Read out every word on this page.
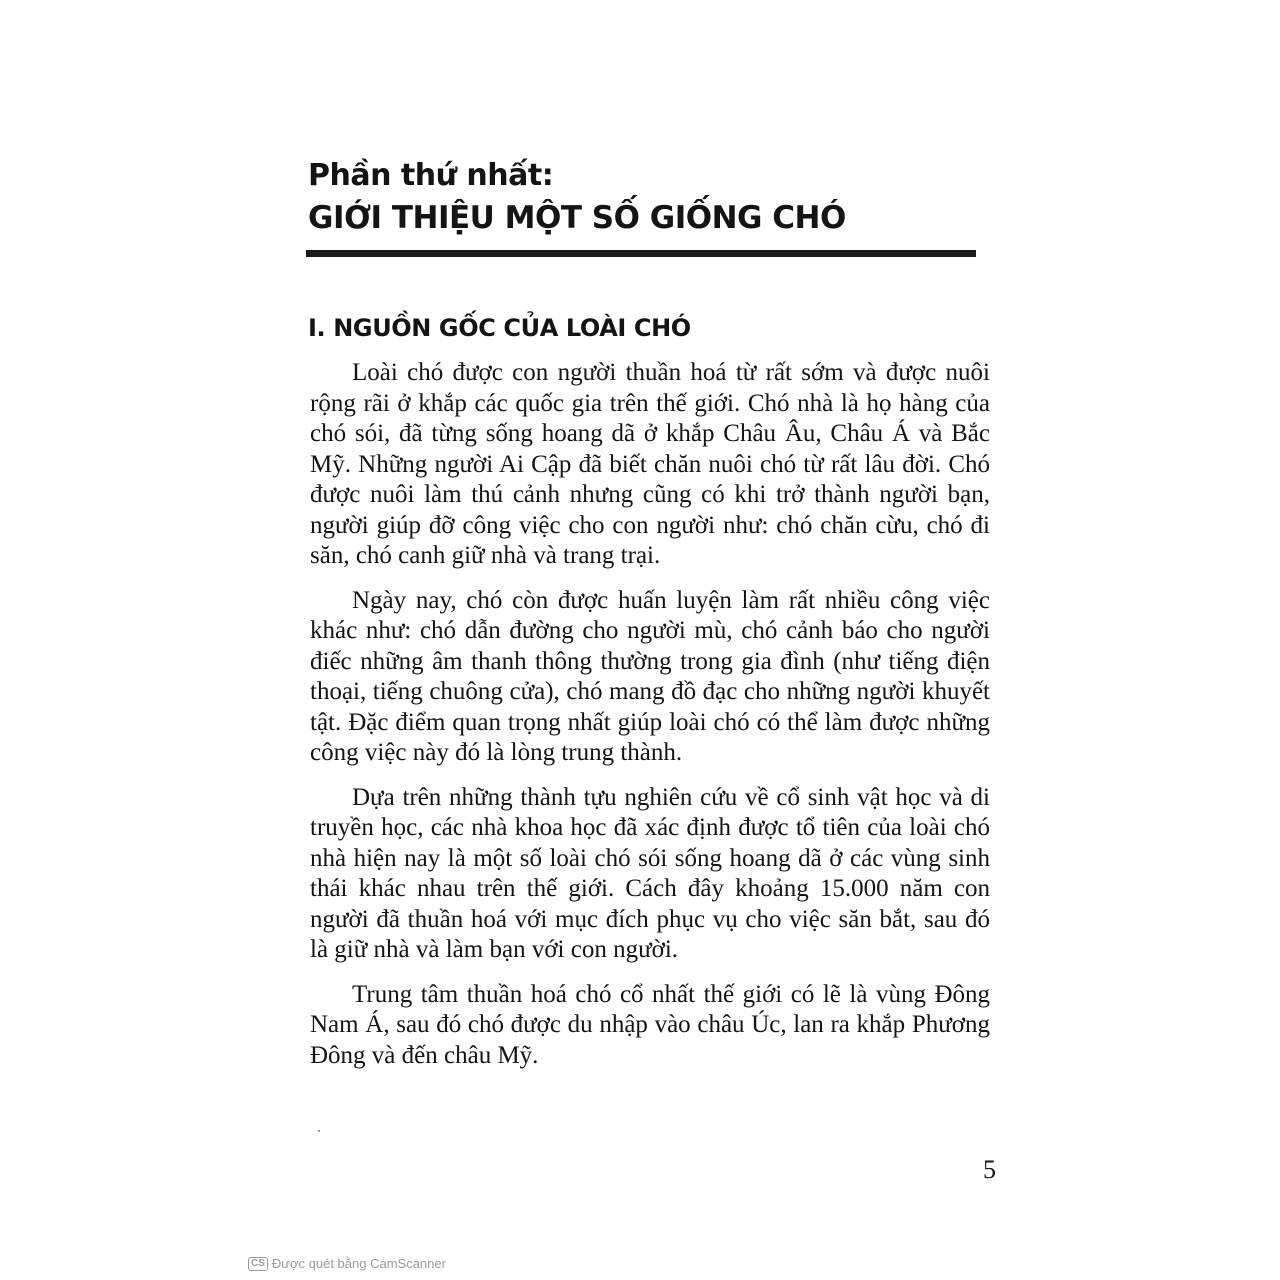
Phần thứ nhất:
GIỚI THIỆU MỘT SỐ GIỐNG CHÓ
I. NGUỒN GỐC CỦA LOÀI CHÓ

Loài chó được con người thuần hoá từ rất sớm và được nuôi rộng rãi ở khắp các quốc gia trên thế giới. Chó nhà là họ hàng của chó sói, đã từng sống hoang dã ở khắp Châu Âu, Châu Á và Bắc Mỹ. Những người Ai Cập đã biết chăn nuôi chó từ rất lâu đời. Chó được nuôi làm thú cảnh nhưng cũng có khi trở thành người bạn, người giúp đỡ công việc cho con người như: chó chăn cừu, chó đi săn, chó canh giữ nhà và trang trại.

Ngày nay, chó còn được huấn luyện làm rất nhiều công việc khác như: chó dẫn đường cho người mù, chó cảnh báo cho người điếc những âm thanh thông thường trong gia đình (như tiếng điện thoại, tiếng chuông cửa), chó mang đồ đạc cho những người khuyết tật. Đặc điểm quan trọng nhất giúp loài chó có thể làm được những công việc này đó là lòng trung thành.

Dựa trên những thành tựu nghiên cứu về cổ sinh vật học và di truyền học, các nhà khoa học đã xác định được tổ tiên của loài chó nhà hiện nay là một số loài chó sói sống hoang dã ở các vùng sinh thái khác nhau trên thế giới. Cách đây khoảng 15.000 năm con người đã thuần hoá với mục đích phục vụ cho việc săn bắt, sau đó là giữ nhà và làm bạn với con người.

Trung tâm thuần hoá chó cổ nhất thế giới có lẽ là vùng Đông Nam Á, sau đó chó được du nhập vào châu Úc, lan ra khắp Phương Đông và đến châu Mỹ.

5
CS Được quét bằng CamScanner
